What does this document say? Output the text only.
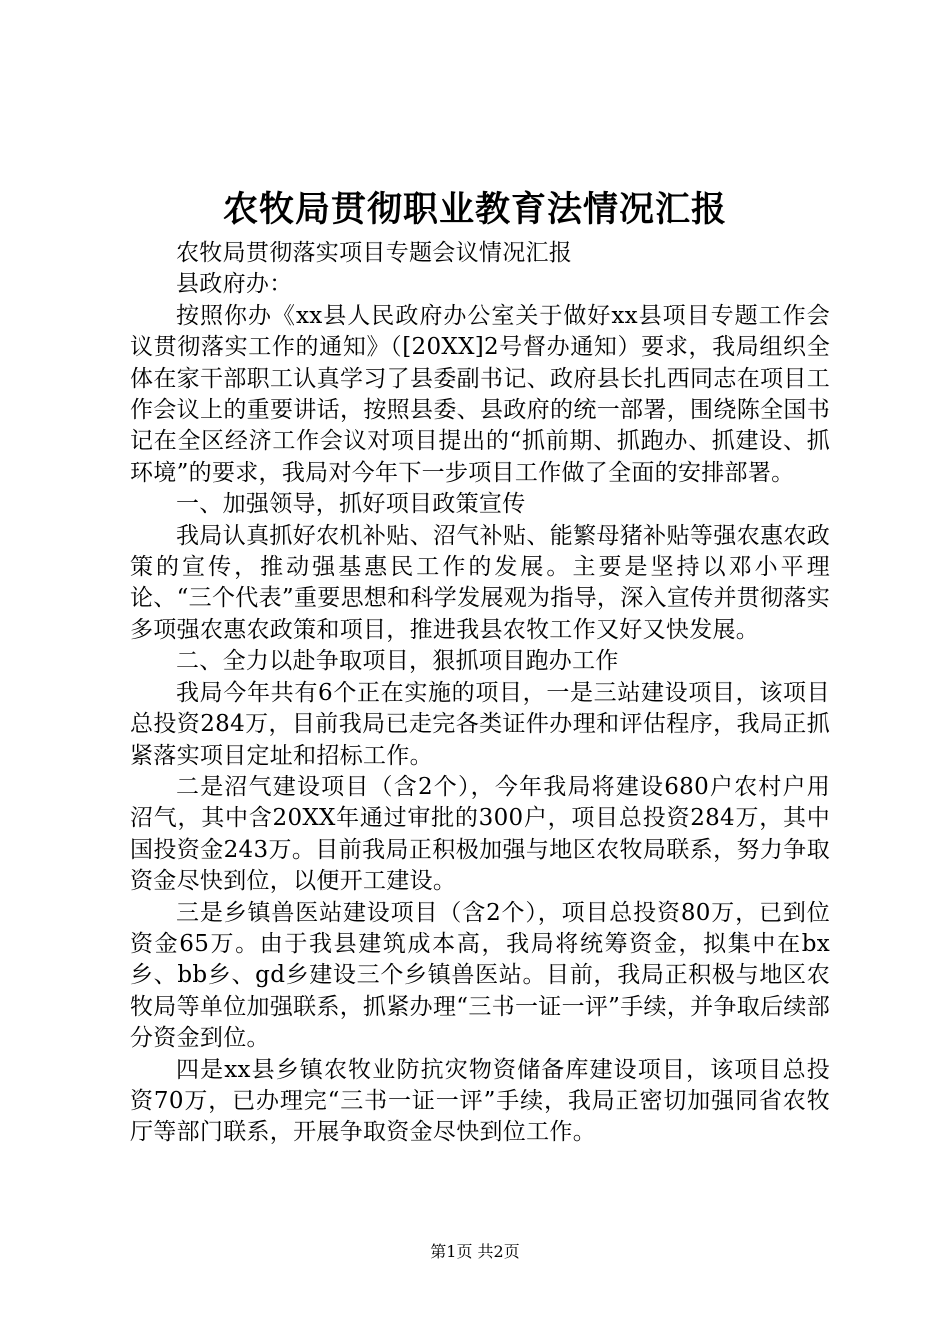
农牧局贯彻职业教育法情况汇报

农牧局贯彻落实项目专题会议情况汇报

县政府办：

按照你办《xx县人民政府办公室关于做好xx县项目专题工作会议贯彻落实工作的通知》（[20XX]2号督办通知）要求，我局组织全体在家干部职工认真学习了县委副书记、政府县长扎西同志在项目工作会议上的重要讲话，按照县委、县政府的统一部署，围绕陈全国书记在全区经济工作会议对项目提出的“抓前期、抓跑办、抓建设、抓环境”的要求，我局对今年下一步项目工作做了全面的安排部署。

一、加强领导，抓好项目政策宣传

我局认真抓好农机补贴、沼气补贴、能繁母猪补贴等强农惠农政策的宣传，推动强基惠民工作的发展。主要是坚持以邓小平理论、“三个代表”重要思想和科学发展观为指导，深入宣传并贯彻落实多项强农惠农政策和项目，推进我县农牧工作又好又快发展。

二、全力以赴争取项目，狠抓项目跑办工作

我局今年共有6个正在实施的项目，一是三站建设项目，该项目总投资284万，目前我局已走完各类证件办理和评估程序，我局正抓紧落实项目定址和招标工作。

二是沼气建设项目（含2个），今年我局将建设680户农村户用沼气，其中含20XX年通过审批的300户，项目总投资284万，其中国投资金243万。目前我局正积极加强与地区农牧局联系，努力争取资金尽快到位，以便开工建设。

三是乡镇兽医站建设项目（含2个），项目总投资80万，已到位资金65万。由于我县建筑成本高，我局将统筹资金，拟集中在bx乡、bb乡、gd乡建设三个乡镇兽医站。目前，我局正积极与地区农牧局等单位加强联系，抓紧办理“三书一证一评”手续，并争取后续部分资金到位。

四是xx县乡镇农牧业防抗灾物资储备库建设项目，该项目总投资70万，已办理完“三书一证一评”手续，我局正密切加强同省农牧厅等部门联系，开展争取资金尽快到位工作。

第1页 共2页
